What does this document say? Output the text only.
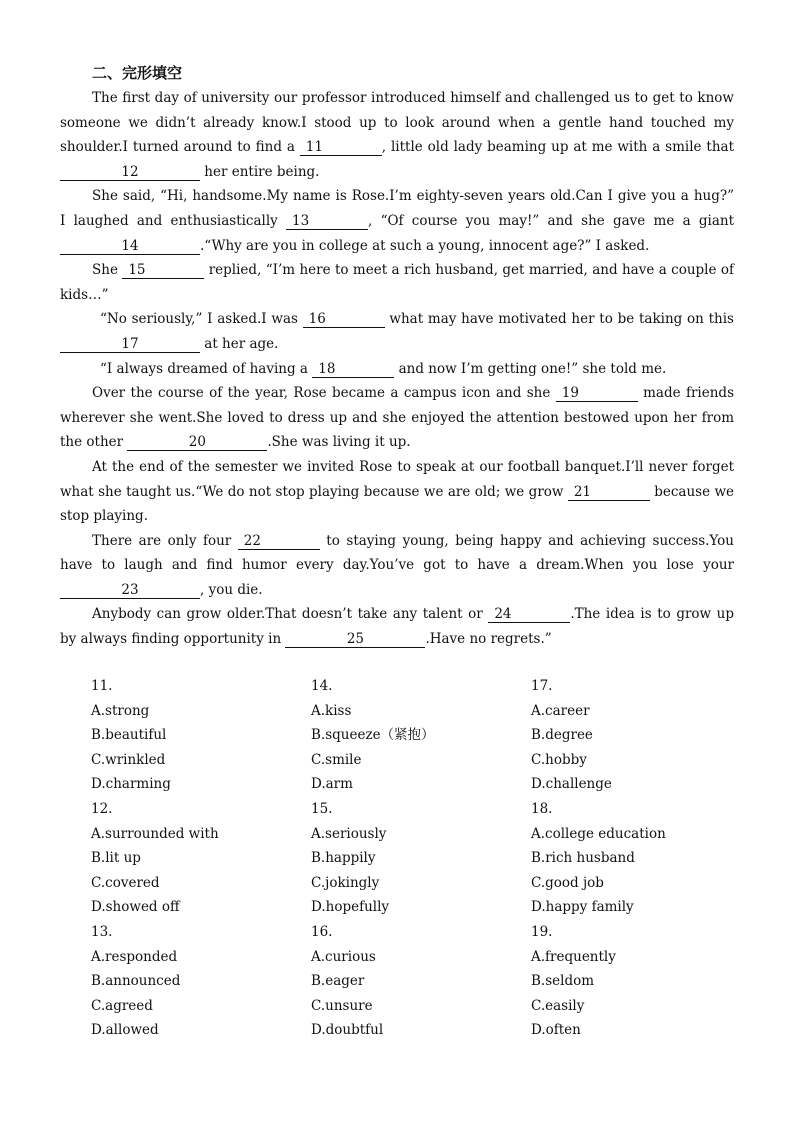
二、完形填空

The first day of university our professor introduced himself and challenged us to get to know someone we didn’t already know.I stood up to look around when a gentle hand touched my shoulder.I turned around to find a 11	, little old lady beaming up at me with a smile that 12	her entire being.

She said, “Hi, handsome.My name is Rose.I’m eighty-seven years old.Can I give you a hug?” I laughed and enthusiastically 13	, “Of course you may!” and she gave me a giant 14	.“Why are you in college at such a young, innocent age?” I asked.

She 15	replied, “I’m here to meet a rich husband, get married, and have a couple of kids…”

“No seriously,” I asked.I was 16	what may have motivated her to be taking on this 17	at her age.

“I always dreamed of having a 18	and now I’m getting one!” she told me.

Over the course of the year, Rose became a campus icon and she 19	made friends wherever she went.She loved to dress up and she enjoyed the attention bestowed upon her from the other	20	.She was living it up.

At the end of the semester we invited Rose to speak at our football banquet.I’ll never forget what she taught us.“We do not stop playing because we are old; we grow 21	because we stop playing.

There are only four 22	to staying young, being happy and achieving success.You have to laugh and find humor every day.You’ve got to have a dream.When you lose your 23	, you die.

Anybody can grow older.That doesn’t take any talent or 24	.The idea is to grow up by always finding opportunity in	25	.Have no regrets.”

11.
A.strong
B.beautiful
C.wrinkled
D.charming
14.
A.kiss
B.squeeze（紧抱）
C.smile
D.arm
17.
A.career
B.degree
C.hobby
D.challenge
12.
A.surrounded with
B.lit up
C.covered
D.showed off
15.
A.seriously
B.happily
C.jokingly
D.hopefully
18.
A.college education
B.rich husband
C.good job
D.happy family
13.
A.responded
B.announced
C.agreed
D.allowed
16.
A.curious
B.eager
C.unsure
D.doubtful
19.
A.frequently
B.seldom
C.easily
D.often
